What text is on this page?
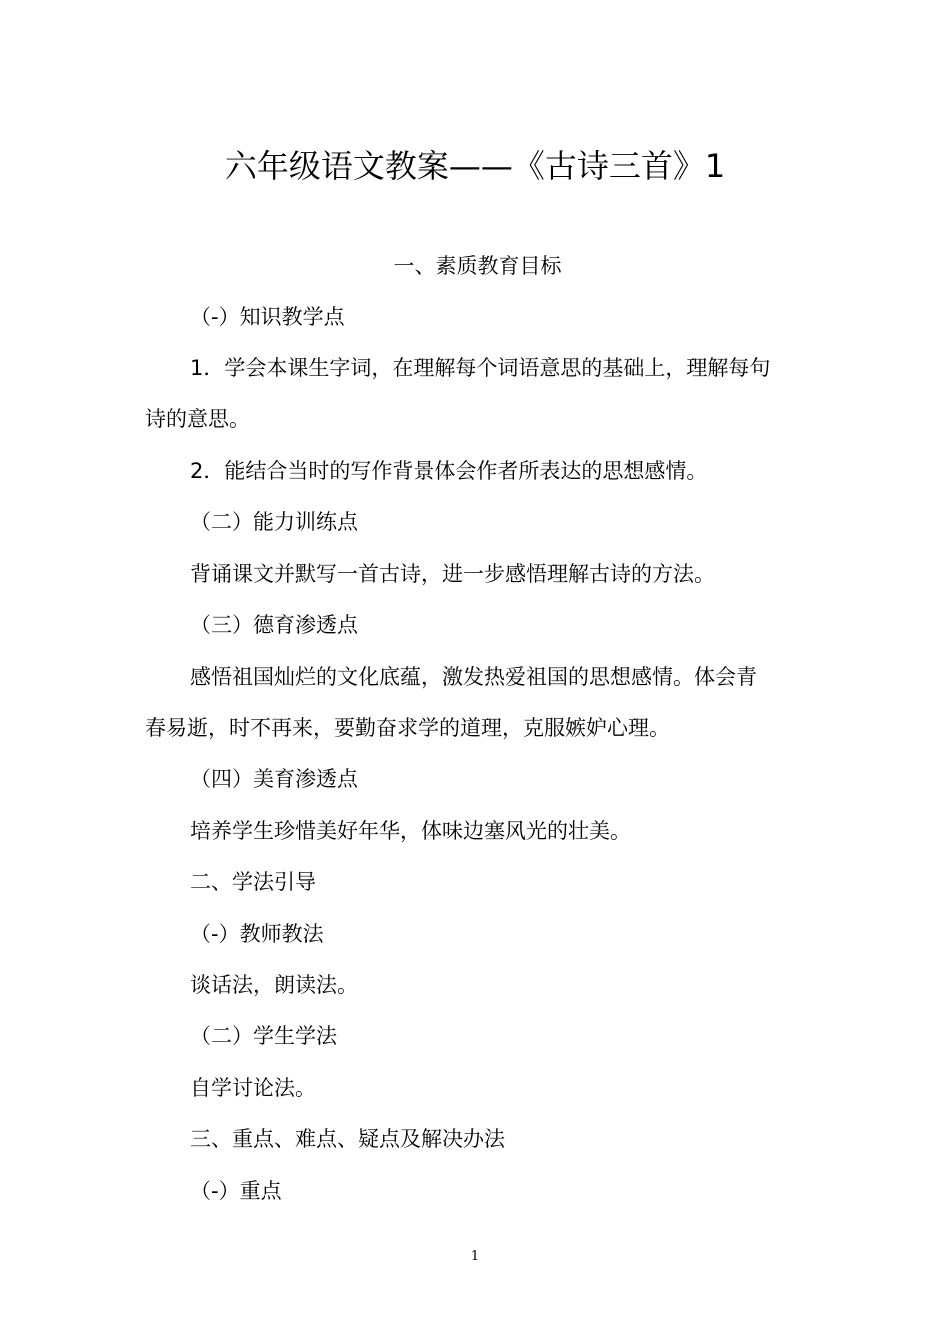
六年级语文教案——《古诗三首》1
一、素质教育目标
（-）知识教学点
1．学会本课生字词，在理解每个词语意思的基础上，理解每句
诗的意思。
2．能结合当时的写作背景体会作者所表达的思想感情。
（二）能力训练点
背诵课文并默写一首古诗，进一步感悟理解古诗的方法。
（三）德育渗透点
感悟祖国灿烂的文化底蕴，激发热爱祖国的思想感情。体会青
春易逝，时不再来，要勤奋求学的道理，克服嫉妒心理。
（四）美育渗透点
培养学生珍惜美好年华，体味边塞风光的壮美。
二、学法引导
（-）教师教法
谈话法，朗读法。
（二）学生学法
自学讨论法。
三、重点、难点、疑点及解决办法
（-）重点
1
